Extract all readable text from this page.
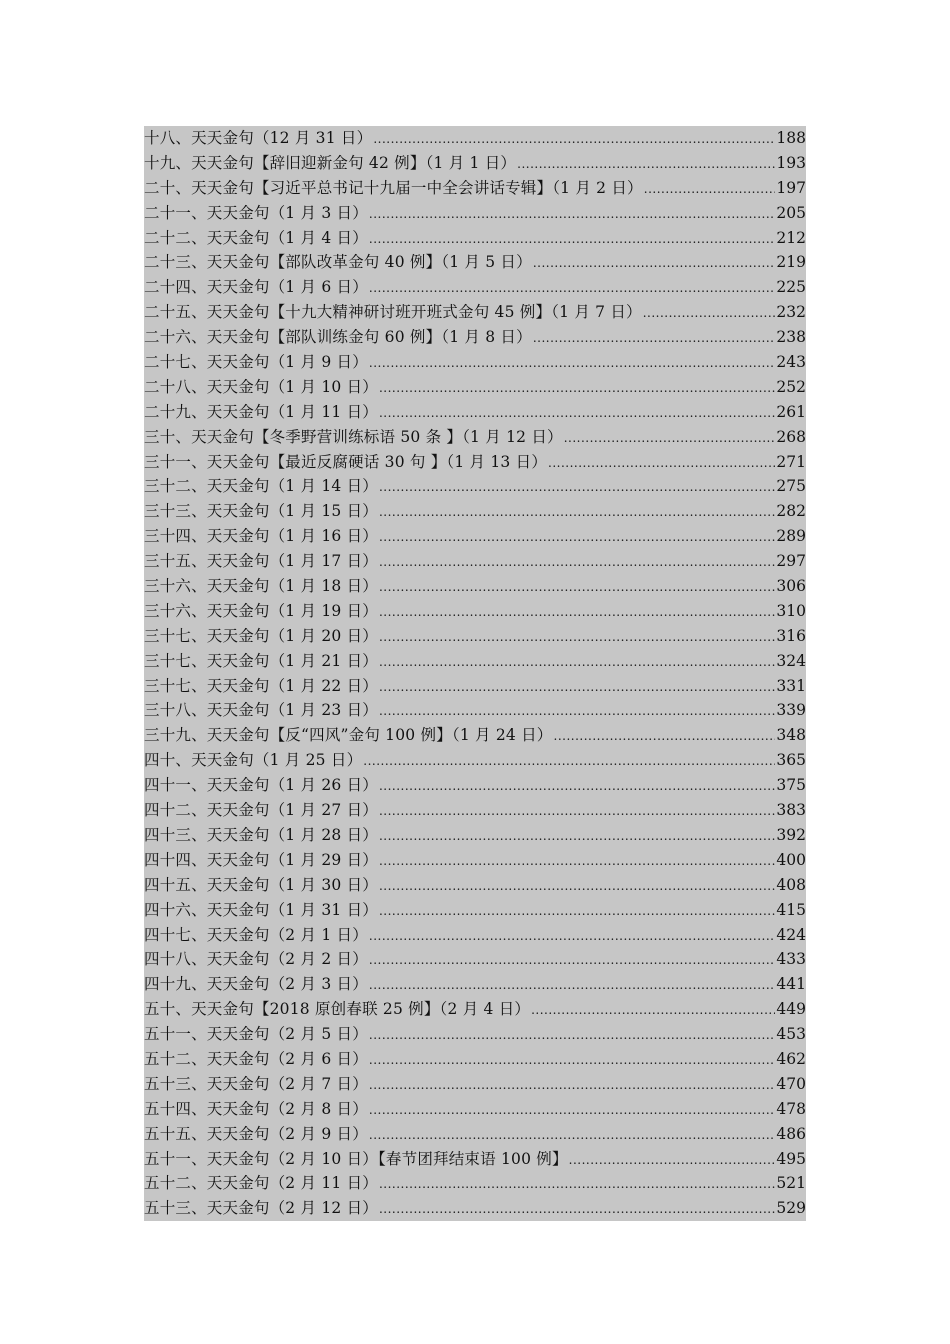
十八、天天金句（12 月 31 日） .....	188
十九、天天金句【辞旧迎新金句 42 例】（1 月 1 日） .....	193
二十、天天金句【习近平总书记十九届一中全会讲话专辑】（1 月 2 日） .....	197
二十一、天天金句（1 月 3 日） .....	205
二十二、天天金句（1 月 4 日） .....	212
二十三、天天金句【部队改革金句 40 例】（1 月 5 日） .....	219
二十四、天天金句（1 月 6 日） .....	225
二十五、天天金句【十九大精神研讨班开班式金句 45 例】（1 月 7 日） .....	232
二十六、天天金句【部队训练金句 60 例】（1 月 8 日） .....	238
二十七、天天金句（1 月 9 日） .....	243
二十八、天天金句（1 月 10 日） .....	252
二十九、天天金句（1 月 11 日） .....	261
三十、天天金句【冬季野营训练标语 50 条 】（1 月 12 日） .....	268
三十一、天天金句【最近反腐硬话 30 句 】（1 月 13 日） .....	271
三十二、天天金句（1 月 14 日） .....	275
三十三、天天金句（1 月 15 日） .....	282
三十四、天天金句（1 月 16 日） .....	289
三十五、天天金句（1 月 17 日） .....	297
三十六、天天金句（1 月 18 日） .....	306
三十六、天天金句（1 月 19 日） .....	310
三十七、天天金句（1 月 20 日） .....	316
三十七、天天金句（1 月 21 日） .....	324
三十七、天天金句（1 月 22 日） .....	331
三十八、天天金句（1 月 23 日） .....	339
三十九、天天金句【反“四风”金句 100 例】（1 月 24 日） .....	348
四十、天天金句（1 月 25 日） .....	365
四十一、天天金句（1 月 26 日） .....	375
四十二、天天金句（1 月 27 日） .....	383
四十三、天天金句（1 月 28 日） .....	392
四十四、天天金句（1 月 29 日） .....	400
四十五、天天金句（1 月 30 日） .....	408
四十六、天天金句（1 月 31 日） .....	415
四十七、天天金句（2 月 1 日） .....	424
四十八、天天金句（2 月 2 日） .....	433
四十九、天天金句（2 月 3 日） .....	441
五十、天天金句【2018 原创春联 25 例】（2 月 4 日） .....	449
五十一、天天金句（2 月 5 日） .....	453
五十二、天天金句（2 月 6 日） .....	462
五十三、天天金句（2 月 7 日） .....	470
五十四、天天金句（2 月 8 日） .....	478
五十五、天天金句（2 月 9 日） .....	486
五十一、天天金句（2 月 10 日）【春节团拜结束语 100 例】 .....	495
五十二、天天金句（2 月 11 日） .....	521
五十三、天天金句（2 月 12 日） .....	529
